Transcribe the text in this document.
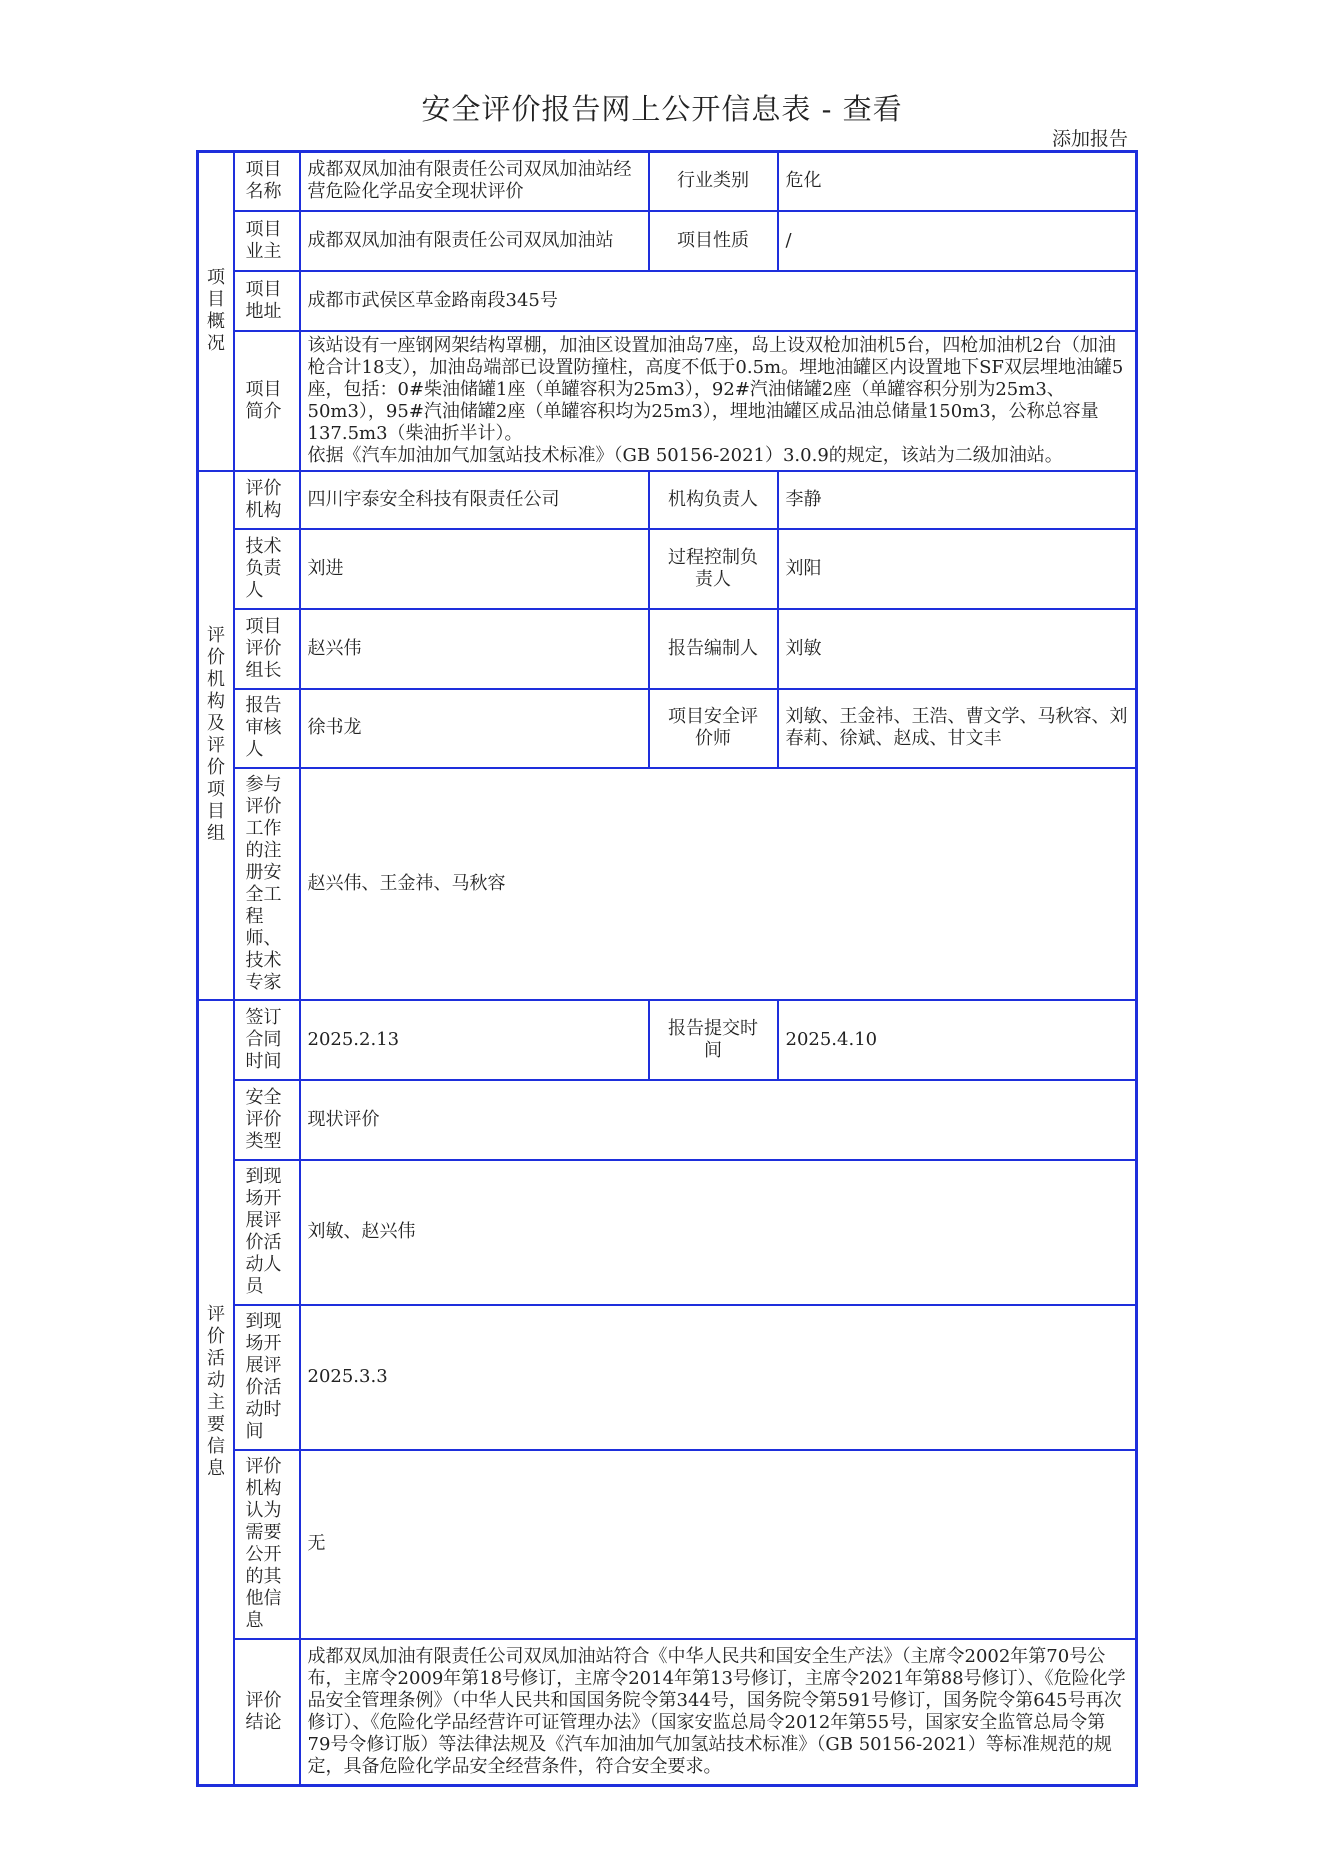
安全评价报告网上公开信息表 - 查看
添加报告
项目概况	项目名称	成都双凤加油有限责任公司双凤加油站经营危险化学品安全现状评价	行业类别	危化
	项目业主	成都双凤加油有限责任公司双凤加油站	项目性质	/
	项目地址	成都市武侯区草金路南段345号		
	项目简介	该站设有一座钢网架结构罩棚，加油区设置加油岛7座，岛上设双枪加油机5台，四枪加油机2台（加油枪合计18支），加油岛端部已设置防撞柱，高度不低于0.5m。埋地油罐区内设置地下SF双层埋地油罐5座，包括：0#柴油储罐1座（单罐容积为25m3），92#汽油储罐2座（单罐容积分别为25m3、50m3），95#汽油储罐2座（单罐容积均为25m3），埋地油罐区成品油总储量150m3，公称总容量137.5m3（柴油折半计）。
依据《汽车加油加气加氢站技术标准》（GB 50156-2021）3.0.9的规定，该站为二级加油站。		

评价机构及评价项目组	评价机构	四川宇泰安全科技有限责任公司	机构负责人	李静
	技术负责人	刘进	过程控制负责人	刘阳
	项目评价组长	赵兴伟	报告编制人	刘敏
	报告审核人	徐书龙	项目安全评价师	刘敏、王金祎、王浩、曹文学、马秋容、刘春莉、徐斌、赵成、甘文丰
	参与评价工作的注册安全工程师、技术专家	赵兴伟、王金祎、马秋容		

评价活动主要信息	签订合同时间	2025.2.13	报告提交时间	2025.4.10
	安全评价类型	现状评价		
	到现场开展评价活动人员	刘敏、赵兴伟		
	到现场开展评价活动时间	2025.3.3		
	评价机构认为需要公开的其他信息	无		
	评价结论	成都双凤加油有限责任公司双凤加油站符合《中华人民共和国安全生产法》（主席令2002年第70号公布，主席令2009年第18号修订，主席令2014年第13号修订，主席令2021年第88号修订）、《危险化学品安全管理条例》（中华人民共和国国务院令第344号，国务院令第591号修订，国务院令第645号再次修订）、《危险化学品经营许可证管理办法》（国家安监总局令2012年第55号，国家安全监管总局令第79号令修订版）等法律法规及《汽车加油加气加氢站技术标准》（GB 50156-2021）等标准规范的规定，具备危险化学品安全经营条件，符合安全要求。		
